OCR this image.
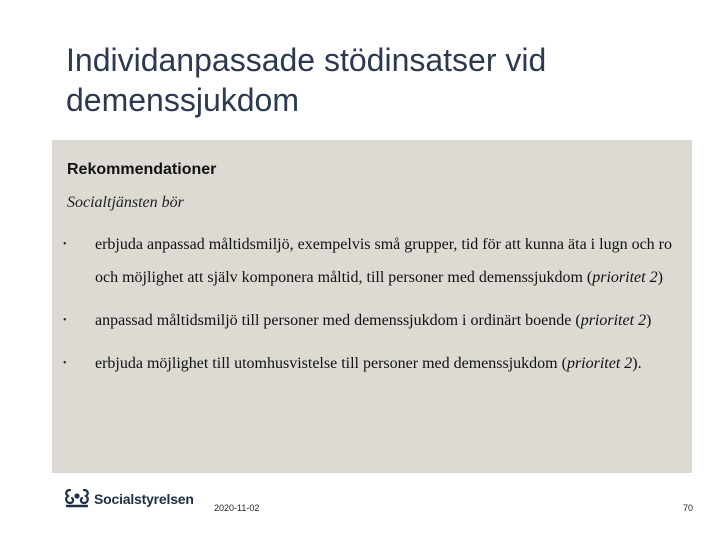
Individanpassade stödinsatser vid demenssjukdom
Rekommendationer
Socialtjänsten bör
• erbjuda anpassad måltidsmiljö, exempelvis små grupper, tid för att kunna äta i lugn och ro och möjlighet att själv komponera måltid, till personer med demenssjukdom (prioritet 2)
• anpassad måltidsmiljö till personer med demenssjukdom i ordinärt boende (prioritet 2)
• erbjuda möjlighet till utomhusvistelse till personer med demenssjukdom (prioritet 2).
Socialstyrelsen
2020-11-02	70
